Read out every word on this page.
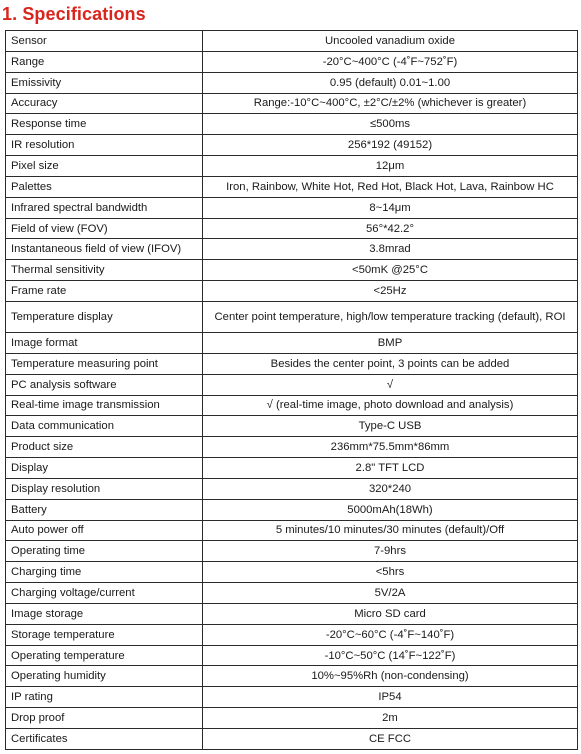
1. Specifications
Sensor	Uncooled vanadium oxide
Range	-20°C~400°C (-4˚F~752˚F)
Emissivity	0.95 (default) 0.01~1.00
Accuracy	Range:-10°C~400°C, ±2°C/±2% (whichever is greater)
Response time	≤500ms
IR resolution	256*192 (49152)
Pixel size	12μm
Palettes	Iron, Rainbow, White Hot, Red Hot, Black Hot, Lava, Rainbow HC
Infrared spectral bandwidth	8~14μm
Field of view (FOV)	56°*42.2°
Instantaneous field of view (IFOV)	3.8mrad
Thermal sensitivity	<50mK @25°C
Frame rate	<25Hz
Temperature display	Center point temperature, high/low temperature tracking (default), ROI
Image format	BMP
Temperature measuring point	Besides the center point, 3 points can be added
PC analysis software	√
Real-time image transmission	√ (real-time image, photo download and analysis)
Data communication	Type-C USB
Product size	236mm*75.5mm*86mm
Display	2.8" TFT LCD
Display resolution	320*240
Battery	5000mAh(18Wh)
Auto power off	5 minutes/10 minutes/30 minutes (default)/Off
Operating time	7-9hrs
Charging time	<5hrs
Charging voltage/current	5V/2A
Image storage	Micro SD card
Storage temperature	-20°C~60°C (-4˚F~140˚F)
Operating temperature	-10°C~50°C (14˚F~122˚F)
Operating humidity	10%~95%Rh (non-condensing)
IP rating	IP54
Drop proof	2m
Certificates	CE FCC
